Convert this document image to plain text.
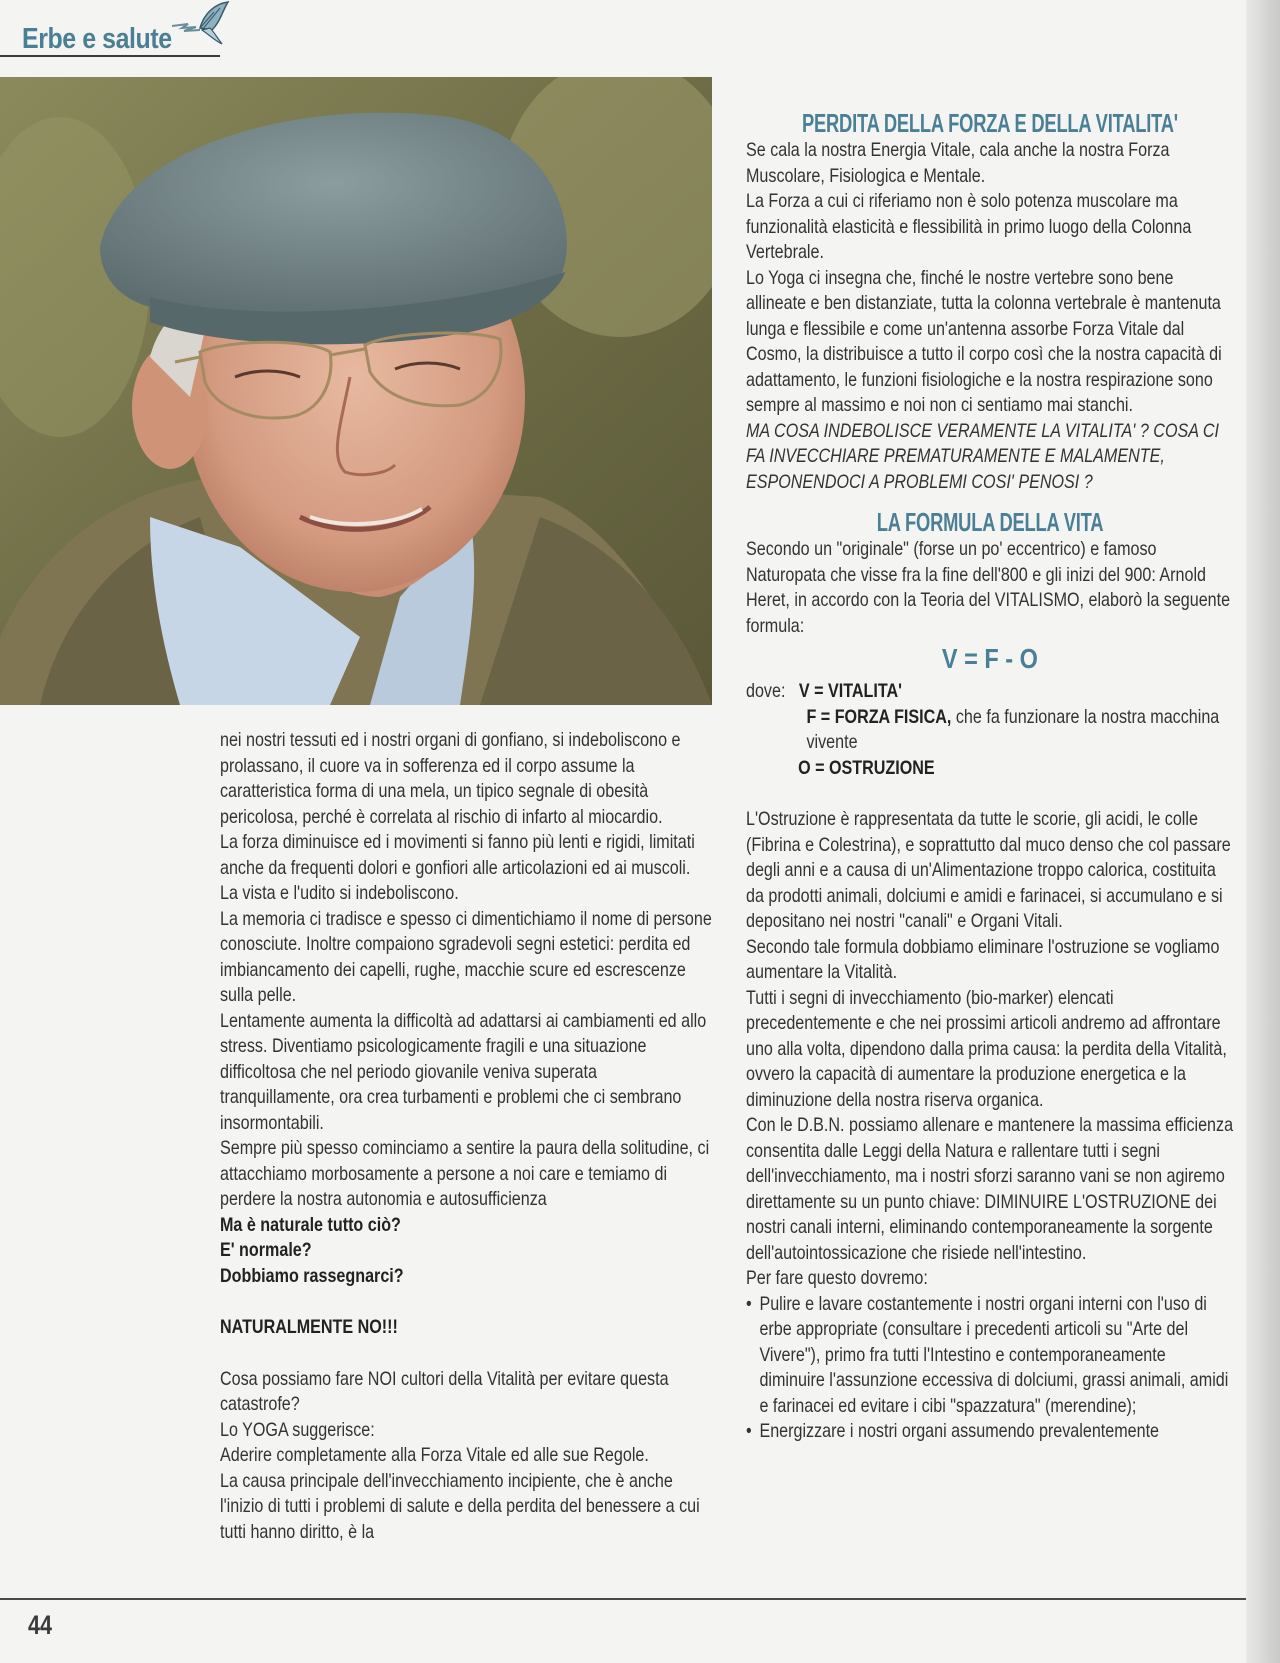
Erbe e salute

nei nostri tessuti ed i nostri organi di gonfiano, si indeboliscono e prolassano, il cuore va in sofferenza ed il corpo assume la caratteristica forma di una mela, un tipico segnale di obesità pericolosa, perché è correlata al rischio di infarto al miocardio.

La forza diminuisce ed i movimenti si fanno più lenti e rigidi, limitati anche da frequenti dolori e gonfiori alle articolazioni ed ai muscoli.

La vista e l'udito si indeboliscono.

La memoria ci tradisce e spesso ci dimentichiamo il nome di persone conosciute. Inoltre compaiono sgradevoli segni estetici: perdita ed imbiancamento dei capelli, rughe, macchie scure ed escrescenze sulla pelle.

Lentamente aumenta la difficoltà ad adattarsi ai cambiamenti ed allo stress. Diventiamo psicologicamente fragili e una situazione difficoltosa che nel periodo giovanile veniva superata tranquillamente, ora crea turbamenti e problemi che ci sembrano insormontabili.

Sempre più spesso cominciamo a sentire la paura della solitudine, ci attacchiamo morbosamente a persone a noi care e temiamo di perdere la nostra autonomia e autosufficienza

Ma è naturale tutto ciò?

E' normale?

Dobbiamo rassegnarci?

NATURALMENTE NO!!!

Cosa possiamo fare NOI cultori della Vitalità per evitare questa catastrofe?

Lo YOGA suggerisce:

Aderire completamente alla Forza Vitale ed alle sue Regole.

La causa principale dell'invecchiamento incipiente, che è anche l'inizio di tutti i problemi di salute e della perdita del benessere a cui tutti hanno diritto, è la

PERDITA DELLA FORZA E DELLA VITALITA'

Se cala la nostra Energia Vitale, cala anche la nostra Forza Muscolare, Fisiologica e Mentale.

La Forza a cui ci riferiamo non è solo potenza muscolare ma funzionalità elasticità e flessibilità in primo luogo della Colonna Vertebrale.

Lo Yoga ci insegna che, finché le nostre vertebre sono bene allineate e ben distanziate, tutta la colonna vertebrale è mantenuta lunga e flessibile e come un'antenna assorbe Forza Vitale dal Cosmo, la distribuisce a tutto il corpo così che la nostra capacità di adattamento, le funzioni fisiologiche e la nostra respirazione sono sempre al massimo e noi non ci sentiamo mai stanchi.

MA COSA INDEBOLISCE VERAMENTE LA VITALITA' ? COSA CI FA INVECCHIARE PREMATURAMENTE E MALAMENTE, ESPONENDOCI A PROBLEMI COSI' PENOSI ?

LA FORMULA DELLA VITA

Secondo un "originale" (forse un po' eccentrico) e famoso Naturopata che visse fra la fine dell'800 e gli inizi del 900: Arnold Heret, in accordo con la Teoria del VITALISMO, elaborò la seguente formula:

V = F - O

dove: V = VITALITA'

F = FORZA FISICA, che fa funzionare la nostra macchina vivente

O = OSTRUZIONE

L'Ostruzione è rappresentata da tutte le scorie, gli acidi, le colle (Fibrina e Colestrina), e soprattutto dal muco denso che col passare degli anni e a causa di un'Alimentazione troppo calorica, costituita da prodotti animali, dolciumi e amidi e farinacei, si accumulano e si depositano nei nostri "canali" e Organi Vitali.

Secondo tale formula dobbiamo eliminare l'ostruzione se vogliamo aumentare la Vitalità.

Tutti i segni di invecchiamento (bio-marker) elencati precedentemente e che nei prossimi articoli andremo ad affrontare uno alla volta, dipendono dalla prima causa: la perdita della Vitalità, ovvero la capacità di aumentare la produzione energetica e la diminuzione della nostra riserva organica.

Con le D.B.N. possiamo allenare e mantenere la massima efficienza consentita dalle Leggi della Natura e rallentare tutti i segni dell'invecchiamento, ma i nostri sforzi saranno vani se non agiremo direttamente su un punto chiave: DIMINUIRE L'OSTRUZIONE dei nostri canali interni, eliminando contemporaneamente la sorgente dell'autointossicazione che risiede nell'intestino.

Per fare questo dovremo:

• Pulire e lavare costantemente i nostri organi interni con l'uso di erbe appropriate (consultare i precedenti articoli su "Arte del Vivere"), primo fra tutti l'Intestino e contemporaneamente diminuire l'assunzione eccessiva di dolciumi, grassi animali, amidi e farinacei ed evitare i cibi "spazzatura" (merendine);
• Energizzare i nostri organi assumendo prevalentemente
44
